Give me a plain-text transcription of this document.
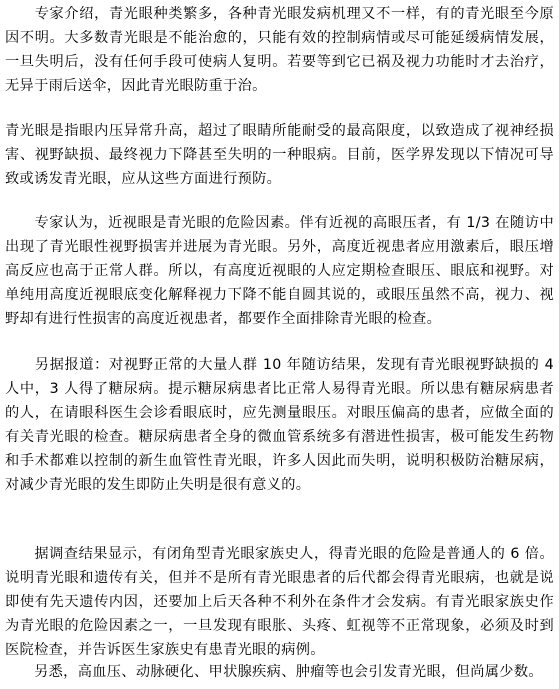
　　专家介绍，青光眼种类繁多，各种青光眼发病机理又不一样，有的青光眼至今原因不明。大多数青光眼是不能治愈的，只能有效的控制病情或尽可能延缓病情发展，一旦失明后，没有任何手段可使病人复明。若要等到它已祸及视力功能时才去治疗，无异于雨后送伞，因此青光眼防重于治。

青光眼是指眼内压异常升高，超过了眼睛所能耐受的最高限度，以致造成了视神经损害、视野缺损、最终视力下降甚至失明的一种眼病。目前，医学界发现以下情况可导致或诱发青光眼，应从这些方面进行预防。

　　专家认为，近视眼是青光眼的危险因素。伴有近视的高眼压者，有 1/3 在随访中出现了青光眼性视野损害并进展为青光眼。另外，高度近视患者应用激素后，眼压增高反应也高于正常人群。所以，有高度近视眼的人应定期检查眼压、眼底和视野。对单纯用高度近视眼底变化解释视力下降不能自圆其说的，或眼压虽然不高，视力、视野却有进行性损害的高度近视患者，都要作全面排除青光眼的检查。

　　另据报道：对视野正常的大量人群 10 年随访结果，发现有青光眼视野缺损的 4 人中，3 人得了糖尿病。提示糖尿病患者比正常人易得青光眼。所以患有糖尿病患者的人，在请眼科医生会诊看眼底时，应先测量眼压。对眼压偏高的患者，应做全面的有关青光眼的检查。糖尿病患者全身的微血管系统多有潜进性损害，极可能发生药物和手术都难以控制的新生血管性青光眼，许多人因此而失明，说明积极防治糖尿病，对减少青光眼的发生即防止失明是很有意义的。

　　据调查结果显示，有闭角型青光眼家族史人，得青光眼的危险是普通人的 6 倍。说明青光眼和遗传有关，但并不是所有青光眼患者的后代都会得青光眼病，也就是说即使有先天遗传内因，还要加上后天各种不利外在条件才会发病。有青光眼家族史作为青光眼的危险因素之一，一旦发现有眼胀、头疼、虹视等不正常现象，必须及时到医院检查，并告诉医生家族史有患青光眼的病例。

　　另悉，高血压、动脉硬化、甲状腺疾病、肿瘤等也会引发青光眼，但尚属少数。
